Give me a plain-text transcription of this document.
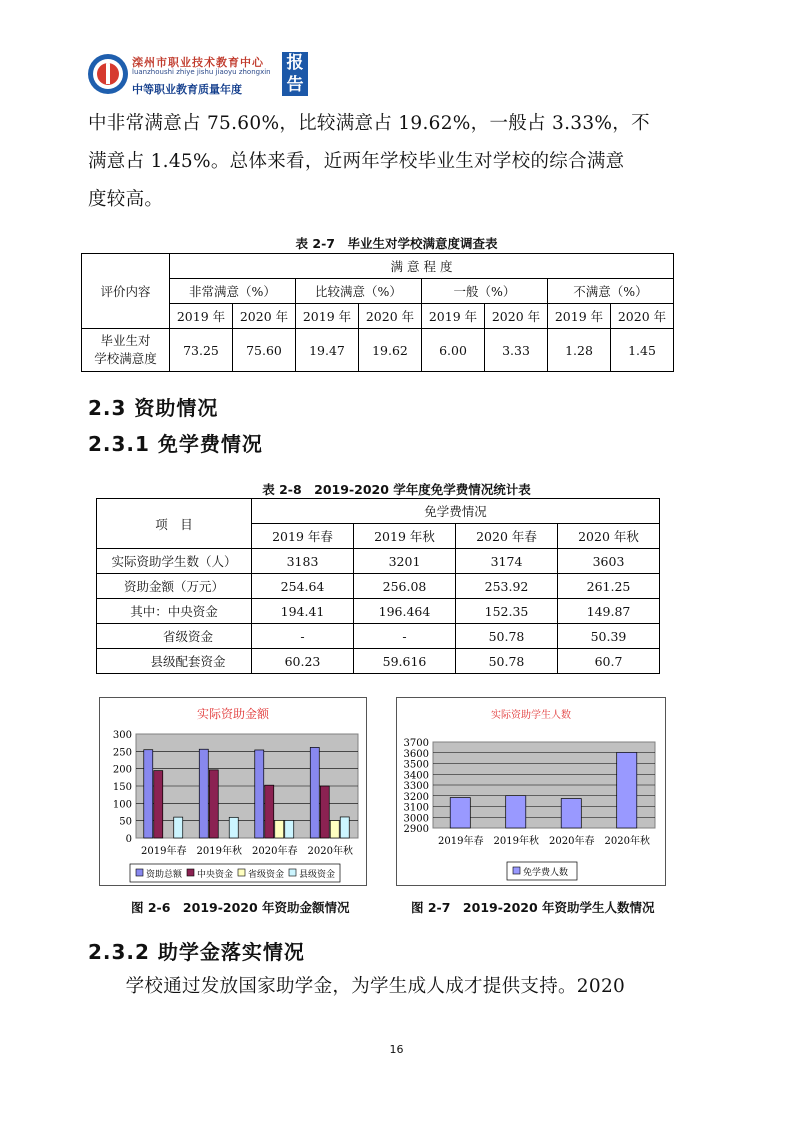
滦州市职业技术教育中心
luanzhoushi zhiye jishu jiaoyu zhongxin
中等职业教育质量年度
报告
中非常满意占 75.60%，比较满意占 19.62%，一般占 3.33%，不
满意占 1.45%。总体来看，近两年学校毕业生对学校的综合满意
度较高。
表 2-7　毕业生对学校满意度调查表
评价内容	满 意 程 度							
	非常满意（%）		比较满意（%）		一般（%）		不满意（%）	
	2019 年	2020 年	2019 年	2020 年	2019 年	2020 年	2019 年	2020 年

毕业生对
学校满意度	73.25	75.60	19.47	19.62	6.00	3.33	1.28	1.45
2.3 资助情况
2.3.1 免学费情况
表 2-8　2019-2020 学年度免学费情况统计表
项　目	免学费情况			
	2019 年春	2019 年秋	2020 年春	2020 年秋
实际资助学生数（人）	3183	3201	3174	3603
资助金额（万元）	254.64	256.08	253.92	261.25
其中：中央资金	194.41	196.464	152.35	149.87
省级资金	-	-	50.78	50.39
县级配套资金	60.23	59.616	50.78	60.7
实际资助金额
0
50
100
150
200
250
300
2019年春 2019年秋 2020年春 2020年秋
资助总额 中央资金 省级资金 县级资金
实际资助学生人数
2900
3000
3100
3200
3300
3400
3500
3600
3700
2019年春 2019年秋 2020年春 2020年秋
免学费人数
图 2-6　2019-2020 年资助金额情况	图 2-7　2019-2020 年资助学生人数情况
2.3.2 助学金落实情况
　　学校通过发放国家助学金，为学生成人成才提供支持。2020
16
